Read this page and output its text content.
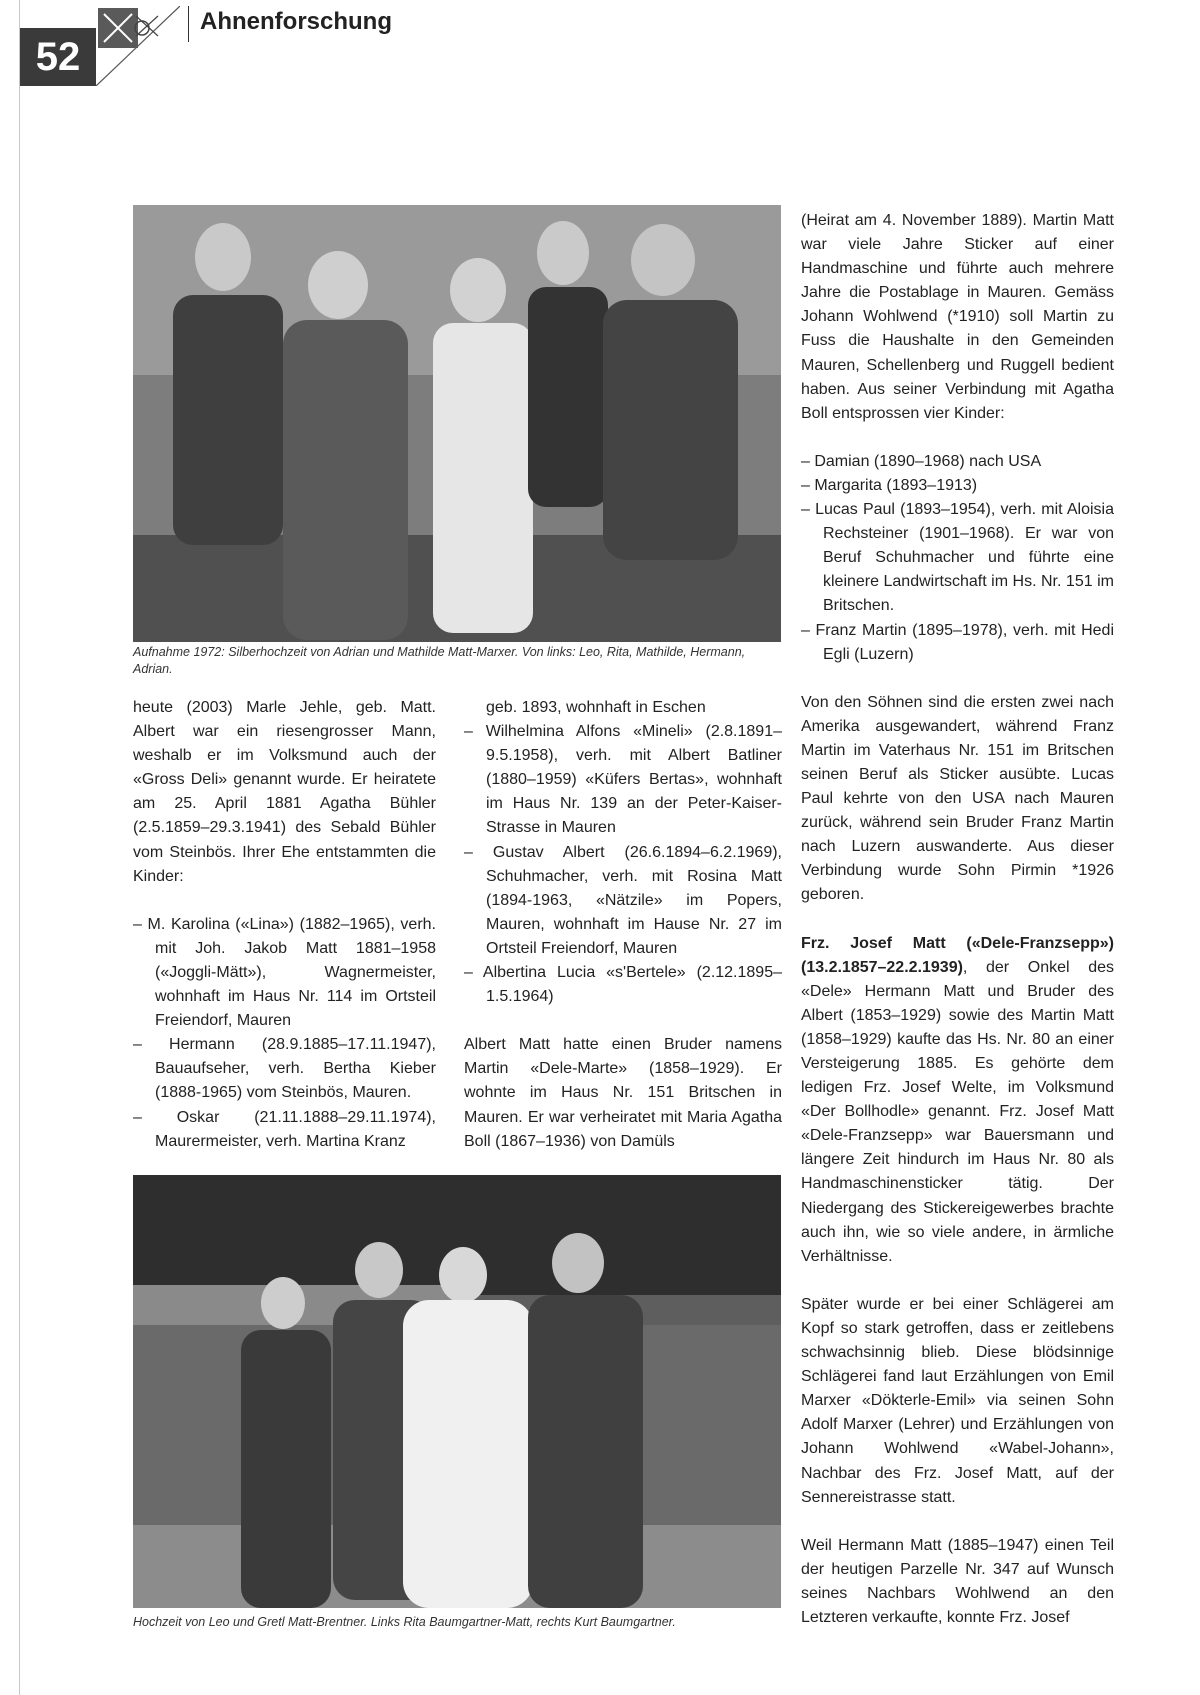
52
Ahnenforschung
Aufnahme 1972: Silberhochzeit von Adrian und Mathilde Matt-Marxer. Von links: Leo, Rita, Mathilde, Hermann, Adrian.

heute (2003) Marle Jehle, geb. Matt. Albert war ein riesengrosser Mann, weshalb er im Volksmund auch der «Gross Deli» genannt wurde. Er heiratete am 25. April 1881 Agatha Bühler (2.5.1859–29.3.1941) des Sebald Bühler vom Steinbös. Ihrer Ehe entstammten die Kinder:

– M. Karolina («Lina») (1882–1965), verh. mit Joh. Jakob Matt 1881–1958 («Joggli-Mätt»), Wagnermeister, wohnhaft im Haus Nr. 114 im Ortsteil Freiendorf, Mauren

– Hermann (28.9.1885–17.11.1947), Bauaufseher, verh. Bertha Kieber (1888-1965) vom Steinbös, Mauren.

– Oskar (21.11.1888–29.11.1974), Maurermeister, verh. Martina Kranz

geb. 1893, wohnhaft in Eschen

– Wilhelmina Alfons «Mineli» (2.8.1891–9.5.1958), verh. mit Albert Batliner (1880–1959) «Küfers Bertas», wohnhaft im Haus Nr. 139 an der Peter-Kaiser-Strasse in Mauren

– Gustav Albert (26.6.1894–6.2.1969), Schuhmacher, verh. mit Rosina Matt (1894-1963, «Nätzile» im Popers, Mauren, wohnhaft im Hause Nr. 27 im Ortsteil Freiendorf, Mauren

– Albertina Lucia «s'Bertele» (2.12.1895–1.5.1964)

Albert Matt hatte einen Bruder namens Martin «Dele-Marte» (1858–1929). Er wohnte im Haus Nr. 151 Britschen in Mauren. Er war verheiratet mit Maria Agatha Boll (1867–1936) von Damüls

Hochzeit von Leo und Gretl Matt-Brentner. Links Rita Baumgartner-Matt, rechts Kurt Baumgartner.

(Heirat am 4. November 1889). Martin Matt war viele Jahre Sticker auf einer Handmaschine und führte auch mehrere Jahre die Postablage in Mauren. Gemäss Johann Wohlwend (*1910) soll Martin zu Fuss die Haushalte in den Gemeinden Mauren, Schellenberg und Ruggell bedient haben. Aus seiner Verbindung mit Agatha Boll entsprossen vier Kinder:

– Damian (1890–1968) nach USA

– Margarita (1893–1913)

– Lucas Paul (1893–1954), verh. mit Aloisia Rechsteiner (1901–1968). Er war von Beruf Schuhmacher und führte eine kleinere Landwirtschaft im Hs. Nr. 151 im Britschen.

– Franz Martin (1895–1978), verh. mit Hedi Egli (Luzern)

Von den Söhnen sind die ersten zwei nach Amerika ausgewandert, während Franz Martin im Vaterhaus Nr. 151 im Britschen seinen Beruf als Sticker ausübte. Lucas Paul kehrte von den USA nach Mauren zurück, während sein Bruder Franz Martin nach Luzern auswanderte. Aus dieser Verbindung wurde Sohn Pirmin *1926 geboren.

Frz. Josef Matt («Dele-Franzsepp») (13.2.1857–22.2.1939), der Onkel des «Dele» Hermann Matt und Bruder des Albert (1853–1929) sowie des Martin Matt (1858–1929) kaufte das Hs. Nr. 80 an einer Versteigerung 1885. Es gehörte dem ledigen Frz. Josef Welte, im Volksmund «Der Bollhodle» genannt. Frz. Josef Matt «Dele-Franzsepp» war Bauersmann und längere Zeit hindurch im Haus Nr. 80 als Handmaschinensticker tätig. Der Niedergang des Stickereigewerbes brachte auch ihn, wie so viele andere, in ärmliche Verhältnisse.

Später wurde er bei einer Schlägerei am Kopf so stark getroffen, dass er zeitlebens schwachsinnig blieb. Diese blödsinnige Schlägerei fand laut Erzählungen von Emil Marxer «Dökterle-Emil» via seinen Sohn Adolf Marxer (Lehrer) und Erzählungen von Johann Wohlwend «Wabel-Johann», Nachbar des Frz. Josef Matt, auf der Sennereistrasse statt.

Weil Hermann Matt (1885–1947) einen Teil der heutigen Parzelle Nr. 347 auf Wunsch seines Nachbars Wohlwend an den Letzteren verkaufte, konnte Frz. Josef
